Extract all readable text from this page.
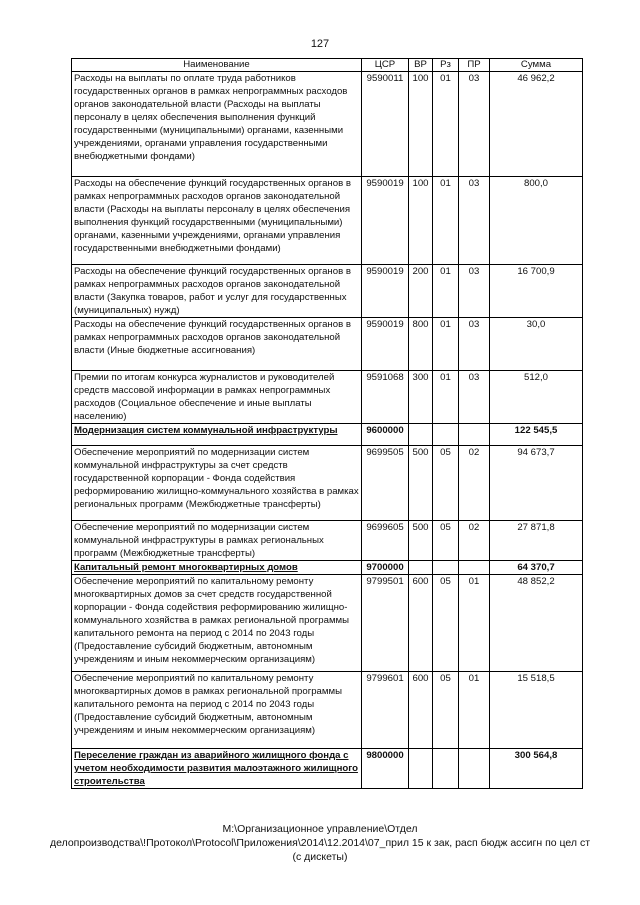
127
Наименование	ЦСР	ВР	Рз	ПР	Сумма
Расходы на выплаты по оплате труда работников государственных органов в рамках непрограммных расходов органов законодательной власти (Расходы на выплаты персоналу в целях обеспечения выполнения функций государственными (муниципальными) органами, казенными учреждениями, органами управления государственными внебюджетными фондами)	9590011	100	01	03	46 962,2
Расходы на обеспечение функций государственных органов в рамках непрограммных расходов органов законодательной власти (Расходы на выплаты персоналу в целях обеспечения выполнения функций государственными (муниципальными) органами, казенными учреждениями, органами управления государственными внебюджетными фондами)	9590019	100	01	03	800,0
Расходы на обеспечение функций государственных органов в рамках непрограммных расходов органов законодательной власти (Закупка товаров, работ и услуг для государственных (муниципальных) нужд)	9590019	200	01	03	16 700,9
Расходы на обеспечение функций государственных органов в рамках непрограммных расходов органов законодательной власти (Иные бюджетные ассигнования)	9590019	800	01	03	30,0
Премии по итогам конкурса журналистов и руководителей средств массовой информации в рамках непрограммных расходов (Социальное обеспечение и иные выплаты населению)	9591068	300	01	03	512,0
Модернизация систем коммунальной инфраструктуры	9600000				122 545,5
Обеспечение мероприятий по модернизации систем коммунальной инфраструктуры за счет средств государственной корпорации - Фонда содействия реформированию жилищно-коммунального хозяйства в рамках региональных программ (Межбюджетные трансферты)	9699505	500	05	02	94 673,7
Обеспечение мероприятий по модернизации систем коммунальной инфраструктуры в рамках региональных программ (Межбюджетные трансферты)	9699605	500	05	02	27 871,8
Капитальный ремонт многоквартирных домов	9700000				64 370,7
Обеспечение мероприятий по капитальному ремонту многоквартирных домов за счет средств государственной корпорации - Фонда содействия реформированию жилищно-коммунального хозяйства в рамках региональной программы капитального ремонта на период с 2014 по 2043 годы (Предоставление субсидий бюджетным, автономным учреждениям и иным некоммерческим организациям)	9799501	600	05	01	48 852,2
Обеспечение мероприятий по капитальному ремонту многоквартирных домов в рамках региональной программы капитального ремонта на период с 2014 по 2043 годы (Предоставление субсидий бюджетным, автономным учреждениям и иным некоммерческим организациям)	9799601	600	05	01	15 518,5
Переселение граждан из аварийного жилищного фонда с учетом необходимости развития малоэтажного жилищного строительства	9800000				300 564,8
М:\Организационное управление\Отдел
делопроизводства\!Протокол\Protocol\Приложения\2014\12.2014\07_прил 15 к зак, расп бюдж ассигн по цел ст
(с дискеты)
